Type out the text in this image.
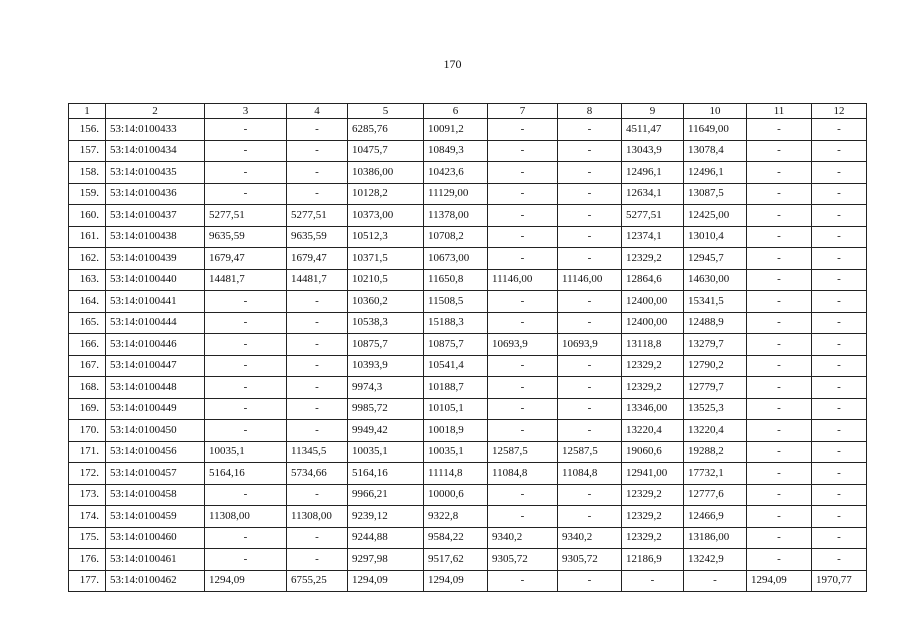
170
1	2	3	4	5	6	7	8	9	10	11	12
156.	53:14:0100433	-	-	6285,76	10091,2	-	-	4511,47	11649,00	-	-
157.	53:14:0100434	-	-	10475,7	10849,3	-	-	13043,9	13078,4	-	-
158.	53:14:0100435	-	-	10386,00	10423,6	-	-	12496,1	12496,1	-	-
159.	53:14:0100436	-	-	10128,2	11129,00	-	-	12634,1	13087,5	-	-
160.	53:14:0100437	5277,51	5277,51	10373,00	11378,00	-	-	5277,51	12425,00	-	-
161.	53:14:0100438	9635,59	9635,59	10512,3	10708,2	-	-	12374,1	13010,4	-	-
162.	53:14:0100439	1679,47	1679,47	10371,5	10673,00	-	-	12329,2	12945,7	-	-
163.	53:14:0100440	14481,7	14481,7	10210,5	11650,8	11146,00	11146,00	12864,6	14630,00	-	-
164.	53:14:0100441	-	-	10360,2	11508,5	-	-	12400,00	15341,5	-	-
165.	53:14:0100444	-	-	10538,3	15188,3	-	-	12400,00	12488,9	-	-
166.	53:14:0100446	-	-	10875,7	10875,7	10693,9	10693,9	13118,8	13279,7	-	-
167.	53:14:0100447	-	-	10393,9	10541,4	-	-	12329,2	12790,2	-	-
168.	53:14:0100448	-	-	9974,3	10188,7	-	-	12329,2	12779,7	-	-
169.	53:14:0100449	-	-	9985,72	10105,1	-	-	13346,00	13525,3	-	-
170.	53:14:0100450	-	-	9949,42	10018,9	-	-	13220,4	13220,4	-	-
171.	53:14:0100456	10035,1	11345,5	10035,1	10035,1	12587,5	12587,5	19060,6	19288,2	-	-
172.	53:14:0100457	5164,16	5734,66	5164,16	11114,8	11084,8	11084,8	12941,00	17732,1	-	-
173.	53:14:0100458	-	-	9966,21	10000,6	-	-	12329,2	12777,6	-	-
174.	53:14:0100459	11308,00	11308,00	9239,12	9322,8	-	-	12329,2	12466,9	-	-
175.	53:14:0100460	-	-	9244,88	9584,22	9340,2	9340,2	12329,2	13186,00	-	-
176.	53:14:0100461	-	-	9297,98	9517,62	9305,72	9305,72	12186,9	13242,9	-	-
177.	53:14:0100462	1294,09	6755,25	1294,09	1294,09	-	-	-	-	1294,09	1970,77
